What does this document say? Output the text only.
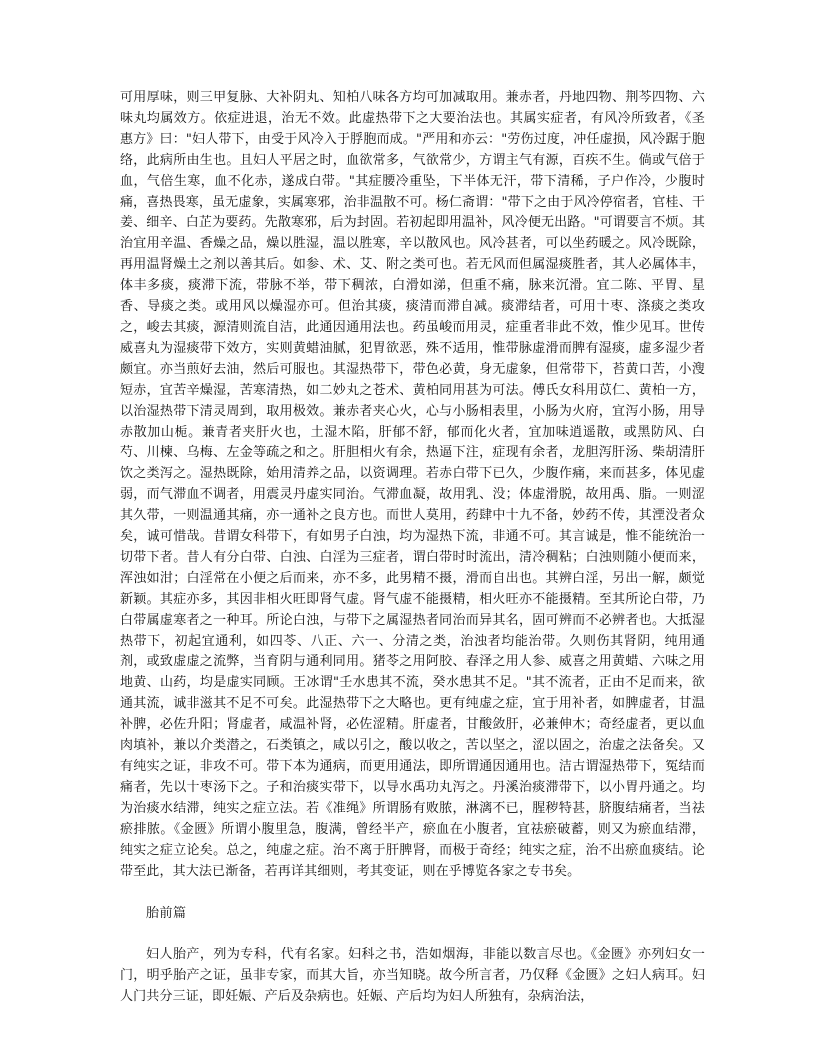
可用厚味，则三甲复脉、大补阴丸、知柏八味各方均可加减取用。兼赤者，丹地四物、荆芩四物、六味丸均属效方。依症进退，治无不效。此虚热带下之大要治法也。其属实症者，有风冷所致者，《圣惠方》曰："妇人带下，由受于风冷入于脬胞而成。"严用和亦云："劳伤过度，冲任虚损，风冷踞于胞络，此病所由生也。且妇人平居之时，血欲常多，气欲常少，方谓主气有源，百疾不生。倘或气倍于血，气倍生寒，血不化赤，遂成白带。"其症腰冷重坠，下半体无汗，带下清稀，子户作冷，少腹时痛，喜热畏寒，虽无虚象，实属寒邪，治非温散不可。杨仁斋谓："带下之由于风冷停宿者，官桂、干姜、细辛、白芷为要药。先散寒邪，后为封固。若初起即用温补，风冷便无出路。"可谓要言不烦。其治宜用辛温、香燥之品，燥以胜湿，温以胜寒，辛以散风也。风冷甚者，可以坐药暖之。风冷既除，再用温肾燥土之剂以善其后。如参、术、艾、附之类可也。若无风而但属湿痰胜者，其人必属体丰，体丰多痰，痰滞下流，带脉不举，带下稠浓，白滑如涕，但重不痛，脉来沉滑。宜二陈、平胃、星香、导痰之类。或用风以燥湿亦可。但治其痰，痰清而滞自减。痰滞结者，可用十枣、涤痰之类攻之，峻去其痰，源清则流自洁，此通因通用法也。药虽峻而用灵，症重者非此不效，惟少见耳。世传威喜丸为湿痰带下效方，实则黄蜡油腻，犯胃欲恶，殊不适用，惟带脉虚滑而脾有湿痰，虚多湿少者颇宜。亦当煎好去油，然后可服也。其湿热带下，带色必黄，身无虚象，但常带下，苔黄口苦，小溲短赤，宜苦辛燥湿，苦寒清热，如二妙丸之苍术、黄柏同用甚为可法。傅氏女科用苡仁、黄柏一方，以治湿热带下清灵周到，取用极效。兼赤者夹心火，心与小肠相表里，小肠为火府，宜泻小肠，用导赤散加山栀。兼青者夹肝火也，土湿木陷，肝郁不舒，郁而化火者，宜加味逍遥散，或黑防风、白芍、川楝、乌梅、左金等疏之和之。肝胆相火有余，热逼下注，症现有余者，龙胆泻肝汤、柴胡清肝饮之类泻之。湿热既除，始用清养之品，以资调理。若赤白带下已久，少腹作痛，来而甚多，体见虚弱，而气滞血不调者，用震灵丹虚实同治。气滞血凝，故用乳、没；体虚滑脱，故用禹、脂。一则涩其久带，一则温通其痛，亦一通补之良方也。而世人莫用，药肆中十九不备，妙药不传，其湮没者众矣，诚可惜哉。昔谓女科带下，有如男子白浊，均为湿热下流，非通不可。其言诚是，惟不能统治一切带下者。昔人有分白带、白浊、白淫为三症者，谓白带时时流出，清冷稠粘；白浊则随小便而来，浑浊如泔；白淫常在小便之后而来，亦不多，此男精不摄，滑而自出也。其辨白淫，另出一解，颇觉新颖。其症亦多，其因非相火旺即肾气虚。肾气虚不能摄精，相火旺亦不能摄精。至其所论白带，乃白带属虚寒者之一种耳。所论白浊，与带下之属湿热者同治而异其名，固可辨而不必辨者也。大抵湿热带下，初起宜通利，如四苓、八正、六一、分清之类，治浊者均能治带。久则伤其肾阴，纯用通剂，或致虚虚之流弊，当育阴与通利同用。猪苓之用阿胶、春泽之用人参、威喜之用黄蜡、六味之用地黄、山药，均是虚实同顾。王冰谓"壬水患其不流，癸水患其不足。"其不流者，正由不足而来，欲通其流，诚非滋其不足不可矣。此湿热带下之大略也。更有纯虚之症，宜于用补者，如脾虚者，甘温补脾，必佐升阳；肾虚者，咸温补肾，必佐涩精。肝虚者，甘酸敛肝，必兼伸木；奇经虚者，更以血肉填补，兼以介类潜之，石类镇之，咸以引之，酸以收之，苦以坚之，涩以固之，治虚之法备矣。又有纯实之证，非攻不可。带下本为通病，而更用通法，即所谓通因通用也。洁古谓湿热带下，冤结而痛者，先以十枣汤下之。子和治痰实带下，以导水禹功丸泻之。丹溪治痰滞带下，以小胃丹通之。均为治痰水结滞，纯实之症立法。若《准绳》所谓肠有败脓，淋漓不已，腥秽特甚，脐腹结痛者，当祛瘀排脓。《金匮》所谓小腹里急，腹满，曾经半产，瘀血在小腹者，宜祛瘀破蓄，则又为瘀血结滞，纯实之症立论矣。总之，纯虚之症。治不离于肝脾肾，而极于奇经；纯实之症，治不出瘀血痰结。论带至此，其大法已渐备，若再详其细则，考其变证，则在乎博览各家之专书矣。

胎前篇

妇人胎产，列为专科，代有名家。妇科之书，浩如烟海，非能以数言尽也。《金匮》亦列妇女一门，明乎胎产之证，虽非专家，而其大旨，亦当知晓。故今所言者，乃仅释《金匮》之妇人病耳。妇人门共分三证，即妊娠、产后及杂病也。妊娠、产后均为妇人所独有，杂病治法，
